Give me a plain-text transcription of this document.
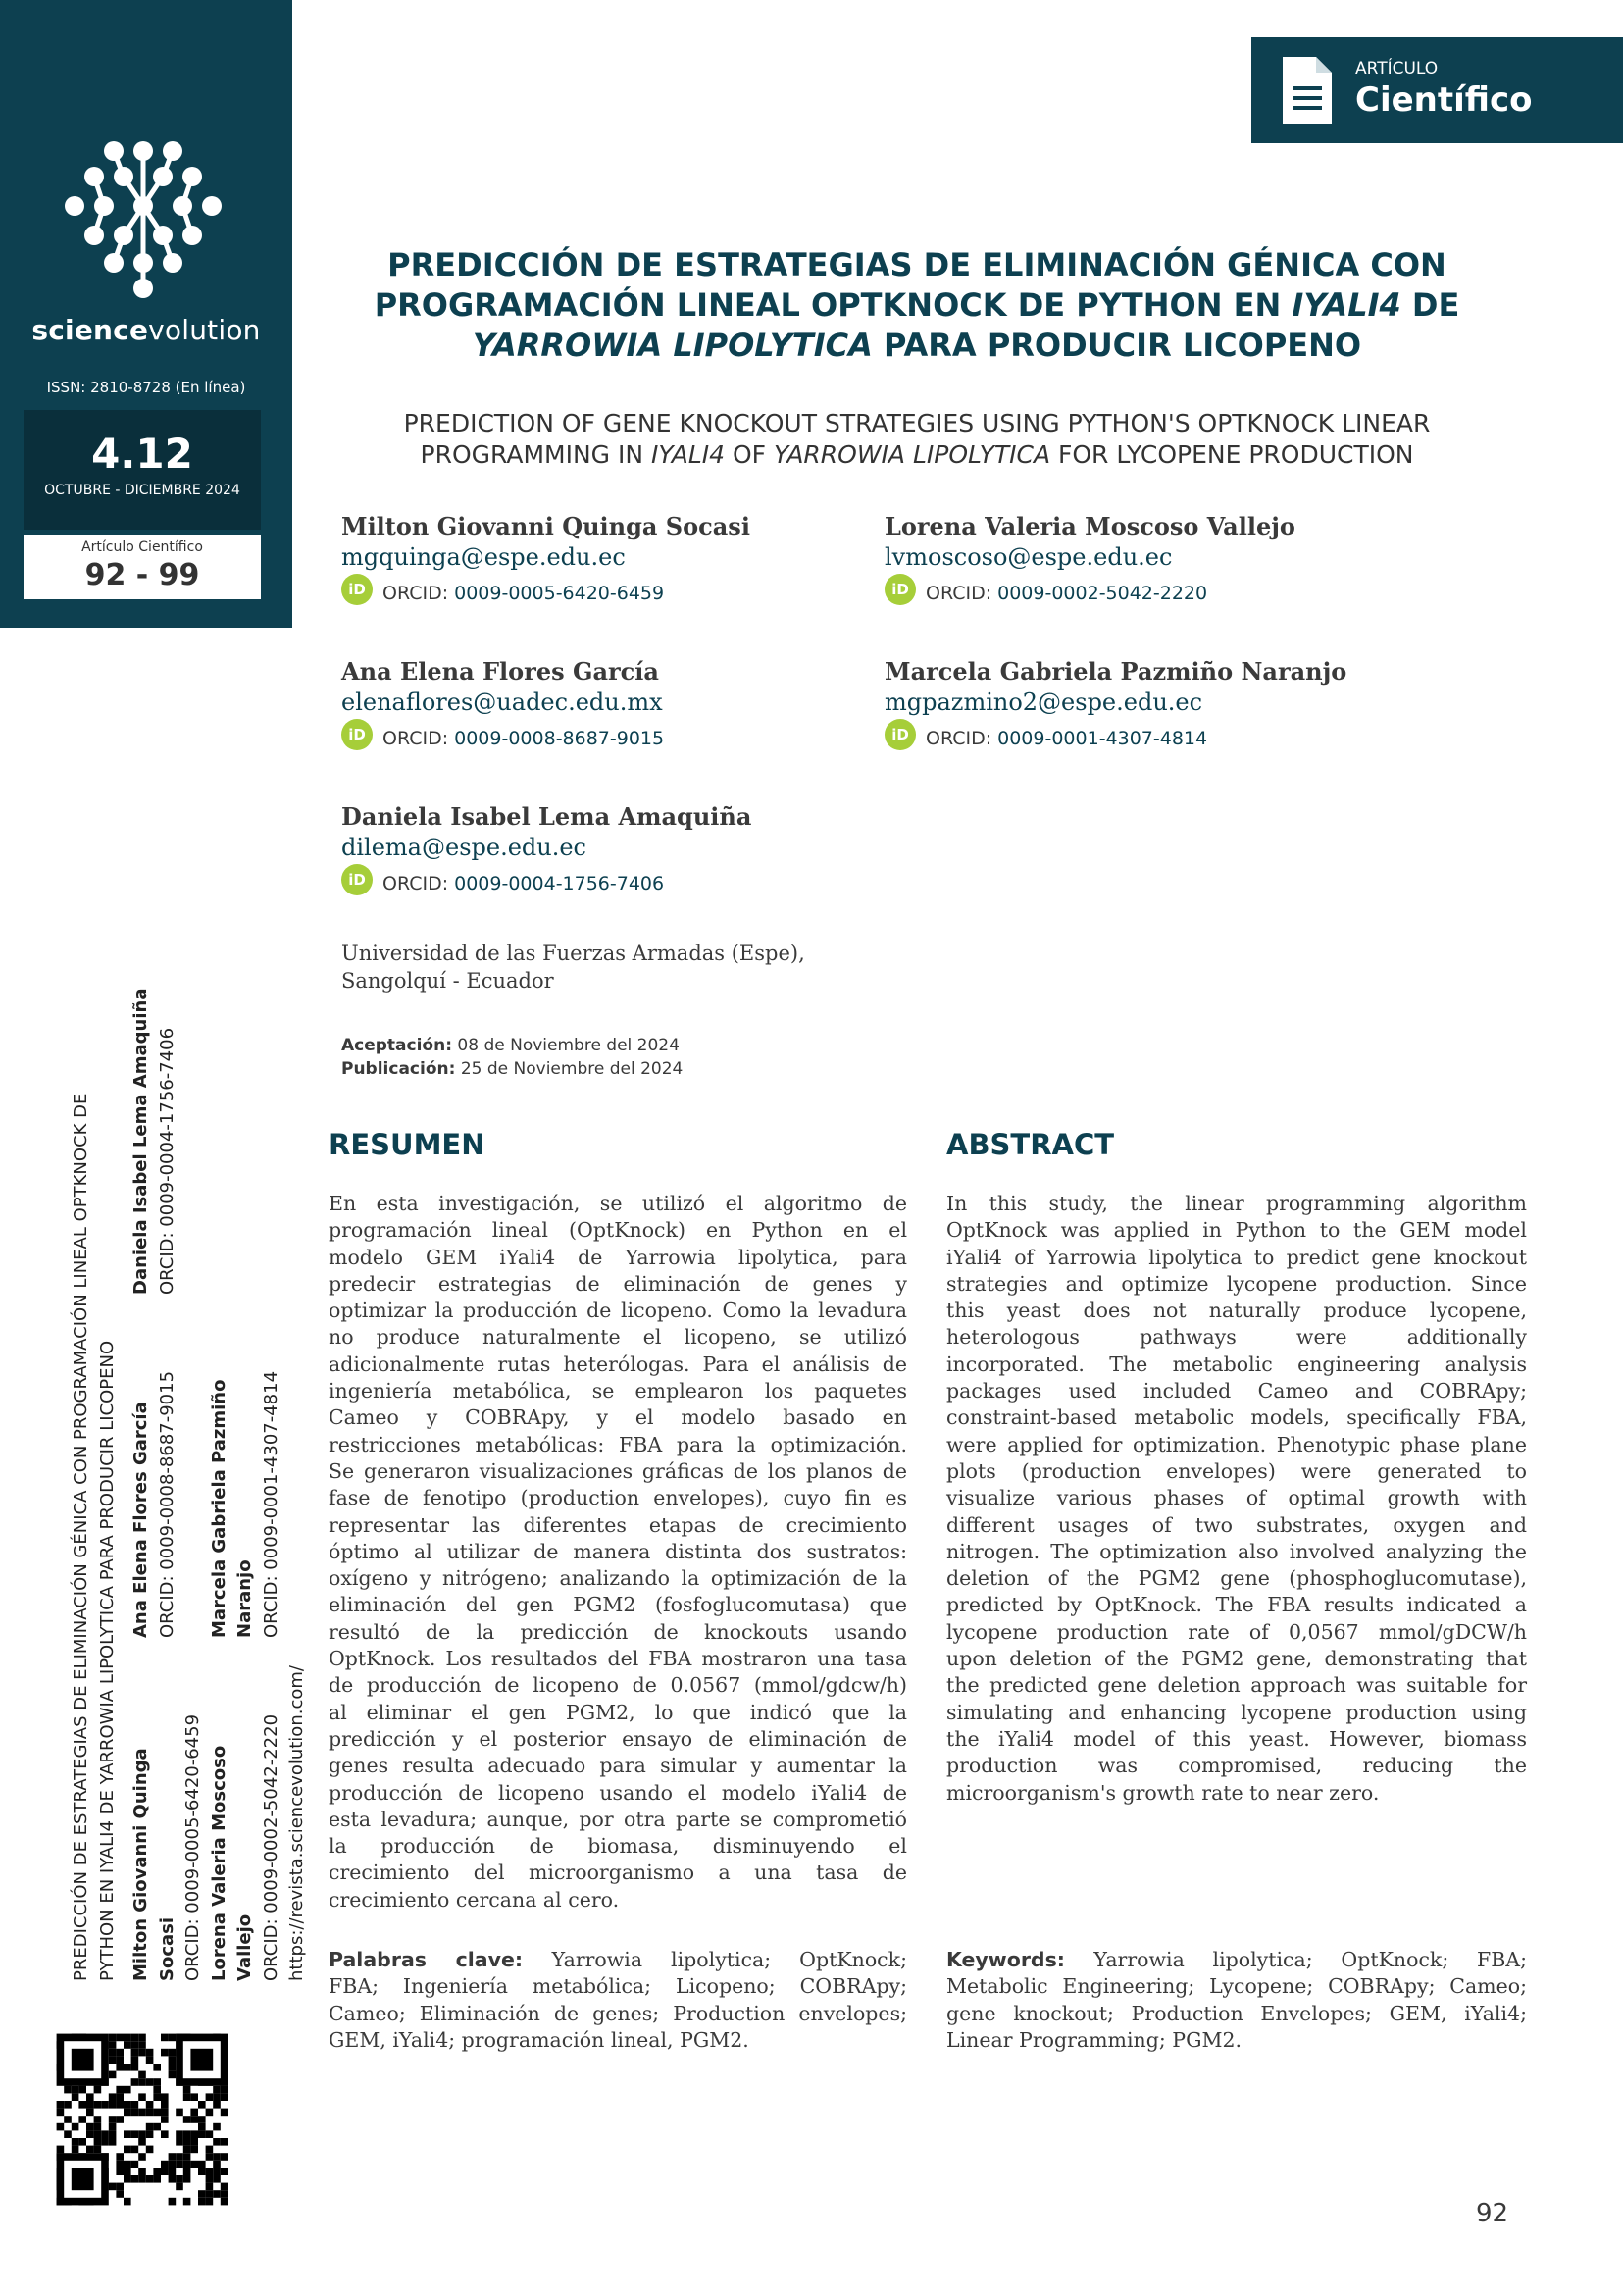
sciencevolution
ISSN: 2810-8728 (En línea)
4.12
OCTUBRE - DICIEMBRE 2024
Artículo Científico
92 - 99
ARTÍCULO
Científico
PREDICCIÓN DE ESTRATEGIAS DE ELIMINACIÓN GÉNICA CON
PROGRAMACIÓN LINEAL OPTKNOCK DE PYTHON EN IYALI4 DE
YARROWIA LIPOLYTICA PARA PRODUCIR LICOPENO
PREDICTION OF GENE KNOCKOUT STRATEGIES USING PYTHON'S OPTKNOCK LINEAR
PROGRAMMING IN IYALI4 OF YARROWIA LIPOLYTICA FOR LYCOPENE PRODUCTION
Milton Giovanni Quinga Socasi
mgquinga@espe.edu.ec
iD ORCID: 0009-0005-6420-6459
Lorena Valeria Moscoso Vallejo
lvmoscoso@espe.edu.ec
iD ORCID: 0009-0002-5042-2220
Ana Elena Flores García
elenaflores@uadec.edu.mx
iD ORCID: 0009-0008-8687-9015
Marcela Gabriela Pazmiño Naranjo
mgpazmino2@espe.edu.ec
iD ORCID: 0009-0001-4307-4814
Daniela Isabel Lema Amaquiña
dilema@espe.edu.ec
iD ORCID: 0009-0004-1756-7406
Universidad de las Fuerzas Armadas (Espe),
Sangolquí - Ecuador
Aceptación: 08 de Noviembre del 2024
Publicación: 25 de Noviembre del 2024
RESUMEN
En esta investigación, se utilizó el algoritmo de
programación lineal (OptKnock) en Python en el
modelo GEM iYali4 de Yarrowia lipolytica, para
predecir estrategias de eliminación de genes y
optimizar la producción de licopeno. Como la levadura
no produce naturalmente el licopeno, se utilizó
adicionalmente rutas heterólogas. Para el análisis de
ingeniería metabólica, se emplearon los paquetes
Cameo y COBRApy, y el modelo basado en
restricciones metabólicas: FBA para la optimización.
Se generaron visualizaciones gráficas de los planos de
fase de fenotipo (production envelopes), cuyo fin es
representar las diferentes etapas de crecimiento
óptimo al utilizar de manera distinta dos sustratos:
oxígeno y nitrógeno; analizando la optimización de la
eliminación del gen PGM2 (fosfoglucomutasa) que
resultó de la predicción de knockouts usando
OptKnock. Los resultados del FBA mostraron una tasa
de producción de licopeno de 0.0567 (mmol/gdcw/h)
al eliminar el gen PGM2, lo que indicó que la
predicción y el posterior ensayo de eliminación de
genes resulta adecuado para simular y aumentar la
producción de licopeno usando el modelo iYali4 de
esta levadura; aunque, por otra parte se comprometió
la producción de biomasa, disminuyendo el
crecimiento del microorganismo a una tasa de
crecimiento cercana al cero.
Palabras clave: Yarrowia lipolytica; OptKnock;
FBA; Ingeniería metabólica; Licopeno; COBRApy;
Cameo; Eliminación de genes; Production envelopes;
GEM, iYali4; programación lineal, PGM2.
ABSTRACT
In this study, the linear programming algorithm
OptKnock was applied in Python to the GEM model
iYali4 of Yarrowia lipolytica to predict gene knockout
strategies and optimize lycopene production. Since
this yeast does not naturally produce lycopene,
heterologous pathways were additionally
incorporated. The metabolic engineering analysis
packages used included Cameo and COBRApy;
constraint-based metabolic models, specifically FBA,
were applied for optimization. Phenotypic phase plane
plots (production envelopes) were generated to
visualize various phases of optimal growth with
different usages of two substrates, oxygen and
nitrogen. The optimization also involved analyzing the
deletion of the PGM2 gene (phosphoglucomutase),
predicted by OptKnock. The FBA results indicated a
lycopene production rate of 0,0567 mmol/gDCW/h
upon deletion of the PGM2 gene, demonstrating that
the predicted gene deletion approach was suitable for
simulating and enhancing lycopene production using
the iYali4 model of this yeast. However, biomass
production was compromised, reducing the
microorganism's growth rate to near zero.
Keywords: Yarrowia lipolytica; OptKnock; FBA;
Metabolic Engineering; Lycopene; COBRApy; Cameo;
gene knockout; Production Envelopes; GEM, iYali4;
Linear Programming; PGM2.
PREDICCIÓN DE ESTRATEGIAS DE ELIMINACIÓN GÉNICA CON PROGRAMACIÓN LINEAL OPTKNOCK DE PYTHON EN IYALI4 DE YARROWIA LIPOLYTICA PARA PRODUCIR LICOPENO Milton Giovanni Quinga Socasi ORCID: 0009-0005-6420-6459
Ana Elena Flores García ORCID: 0009-0008-8687-9015
Daniela Isabel Lema Amaquiña ORCID: 0009-0004-1756-7406
Lorena Valeria Moscoso Vallejo ORCID: 0009-0002-5042-2220
Marcela Gabriela Pazmiño Naranjo ORCID: 0009-0001-4307-4814
https://revista.sciencevolution.com/
92
